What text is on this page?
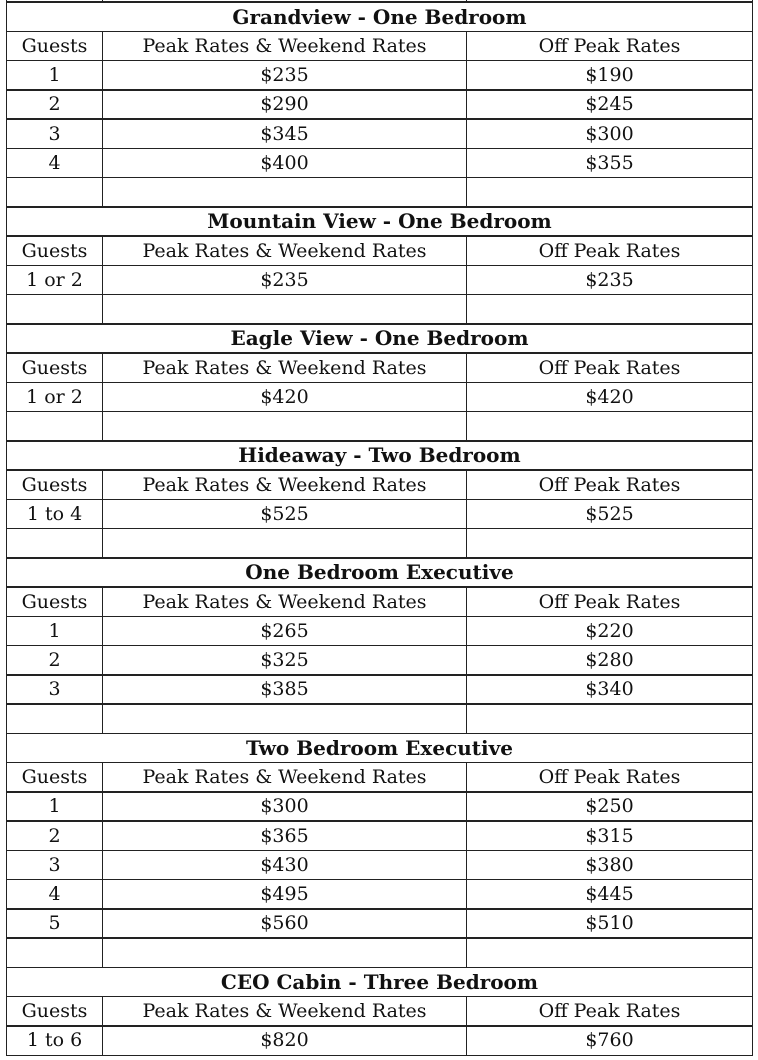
Grandview - One Bedroom
Guests	Peak Rates & Weekend Rates	Off Peak Rates
1	$235	$190
2	$290	$245
3	$345	$300
4	$400	$355
Mountain View - One Bedroom
Guests	Peak Rates & Weekend Rates	Off Peak Rates
1 or 2	$235	$235
Eagle View - One Bedroom
Guests	Peak Rates & Weekend Rates	Off Peak Rates
1 or 2	$420	$420
Hideaway - Two Bedroom
Guests	Peak Rates & Weekend Rates	Off Peak Rates
1 to 4	$525	$525
One Bedroom Executive
Guests	Peak Rates & Weekend Rates	Off Peak Rates
1	$265	$220
2	$325	$280
3	$385	$340
Two Bedroom Executive
Guests	Peak Rates & Weekend Rates	Off Peak Rates
1	$300	$250
2	$365	$315
3	$430	$380
4	$495	$445
5	$560	$510
CEO Cabin - Three Bedroom
Guests	Peak Rates & Weekend Rates	Off Peak Rates
1 to 6	$820	$760
